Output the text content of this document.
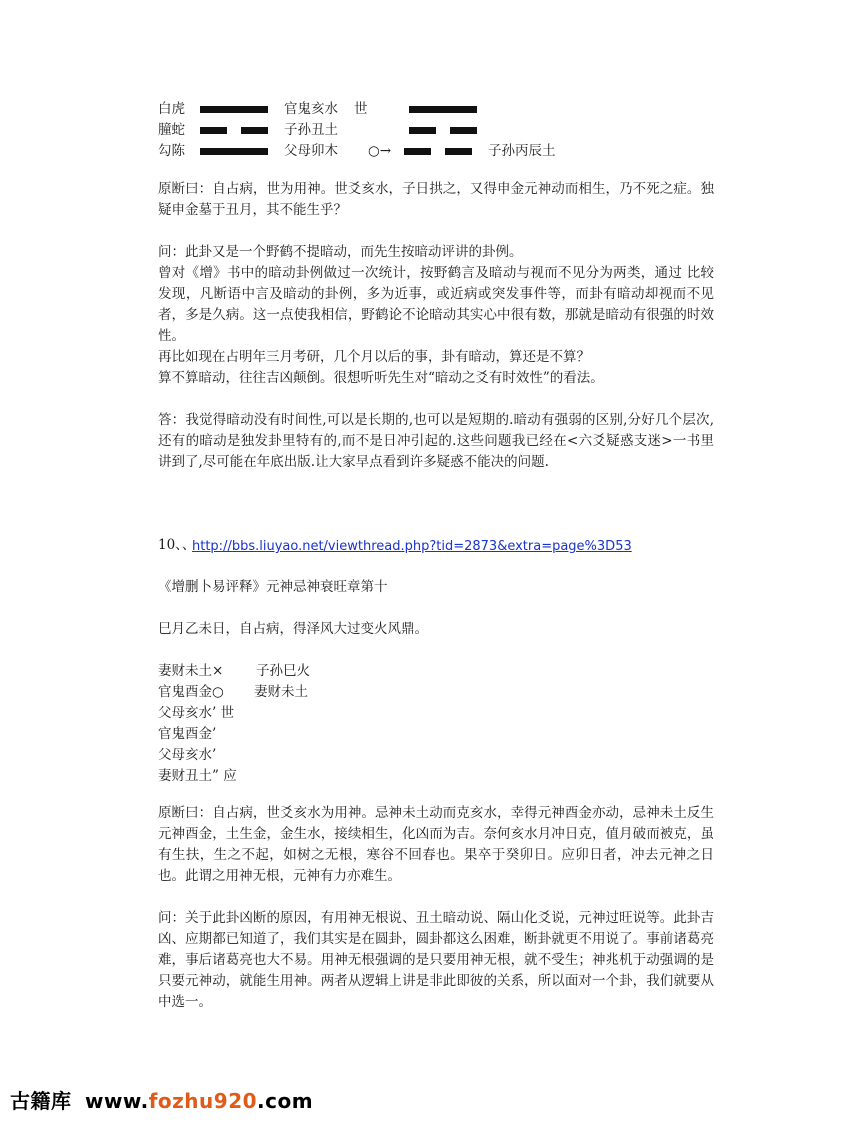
白虎	官鬼亥水 世
朣蛇	子孙丑土
勾陈	父母卯木 ○→	子孙丙辰土
原断曰：自占病，世为用神。世爻亥水，子日拱之，又得申金元神动而相生，乃不死之症。独疑申金墓于丑月，其不能生乎？
问：此卦又是一个野鹤不提暗动，而先生按暗动评讲的卦例。
曾对《增》书中的暗动卦例做过一次统计，按野鹤言及暗动与视而不见分为两类，通过 比较发现，凡断语中言及暗动的卦例，多为近事，或近病或突发事件等，而卦有暗动却视而不见者，多是久病。这一点使我相信，野鹤论不论暗动其实心中很有数，那就是暗动有很强的时效性。
再比如现在占明年三月考研，几个月以后的事，卦有暗动，算还是不算？
算不算暗动，往往吉凶颠倒。很想听听先生对“暗动之爻有时效性”的看法。
答：我觉得暗动没有时间性,可以是长期的,也可以是短期的.暗动有强弱的区别,分好几个层次,还有的暗动是独发卦里特有的,而不是日冲引起的.这些问题我已经在<六爻疑惑支迷>一书里讲到了,尽可能在年底出版.让大家早点看到许多疑惑不能决的问题.
10、、
http://bbs.liuyao.net/viewthread.php?tid=2873&extra=page%3D53
《增删卜易评释》元神忌神衰旺章第十
巳月乙未日，自占病，得泽风大过变火风鼎。
妻财未土× 子孙巳火
官鬼酉金○ 妻财未土
父母亥水’ 世
官鬼酉金’
父母亥水’
妻财丑土” 应
原断曰：自占病，世爻亥水为用神。忌神未土动而克亥水，幸得元神酉金亦动，忌神未土反生元神酉金，土生金，金生水，接续相生，化凶而为吉。奈何亥水月冲日克，值月破而被克，虽有生扶，生之不起，如树之无根，寒谷不回春也。果卒于癸卯日。应卯日者，冲去元神之日也。此谓之用神无根，元神有力亦难生。
问：关于此卦凶断的原因，有用神无根说、丑土暗动说、隔山化爻说，元神过旺说等。此卦吉凶、应期都已知道了，我们其实是在圆卦，圆卦都这么困难，断卦就更不用说了。事前诸葛亮难，事后诸葛亮也大不易。用神无根强调的是只要用神无根，就不受生；神兆机于动强调的是只要元神动，就能生用神。两者从逻辑上讲是非此即彼的关系，所以面对一个卦，我们就要从中选一。
古籍库 www.fozhu920.com
